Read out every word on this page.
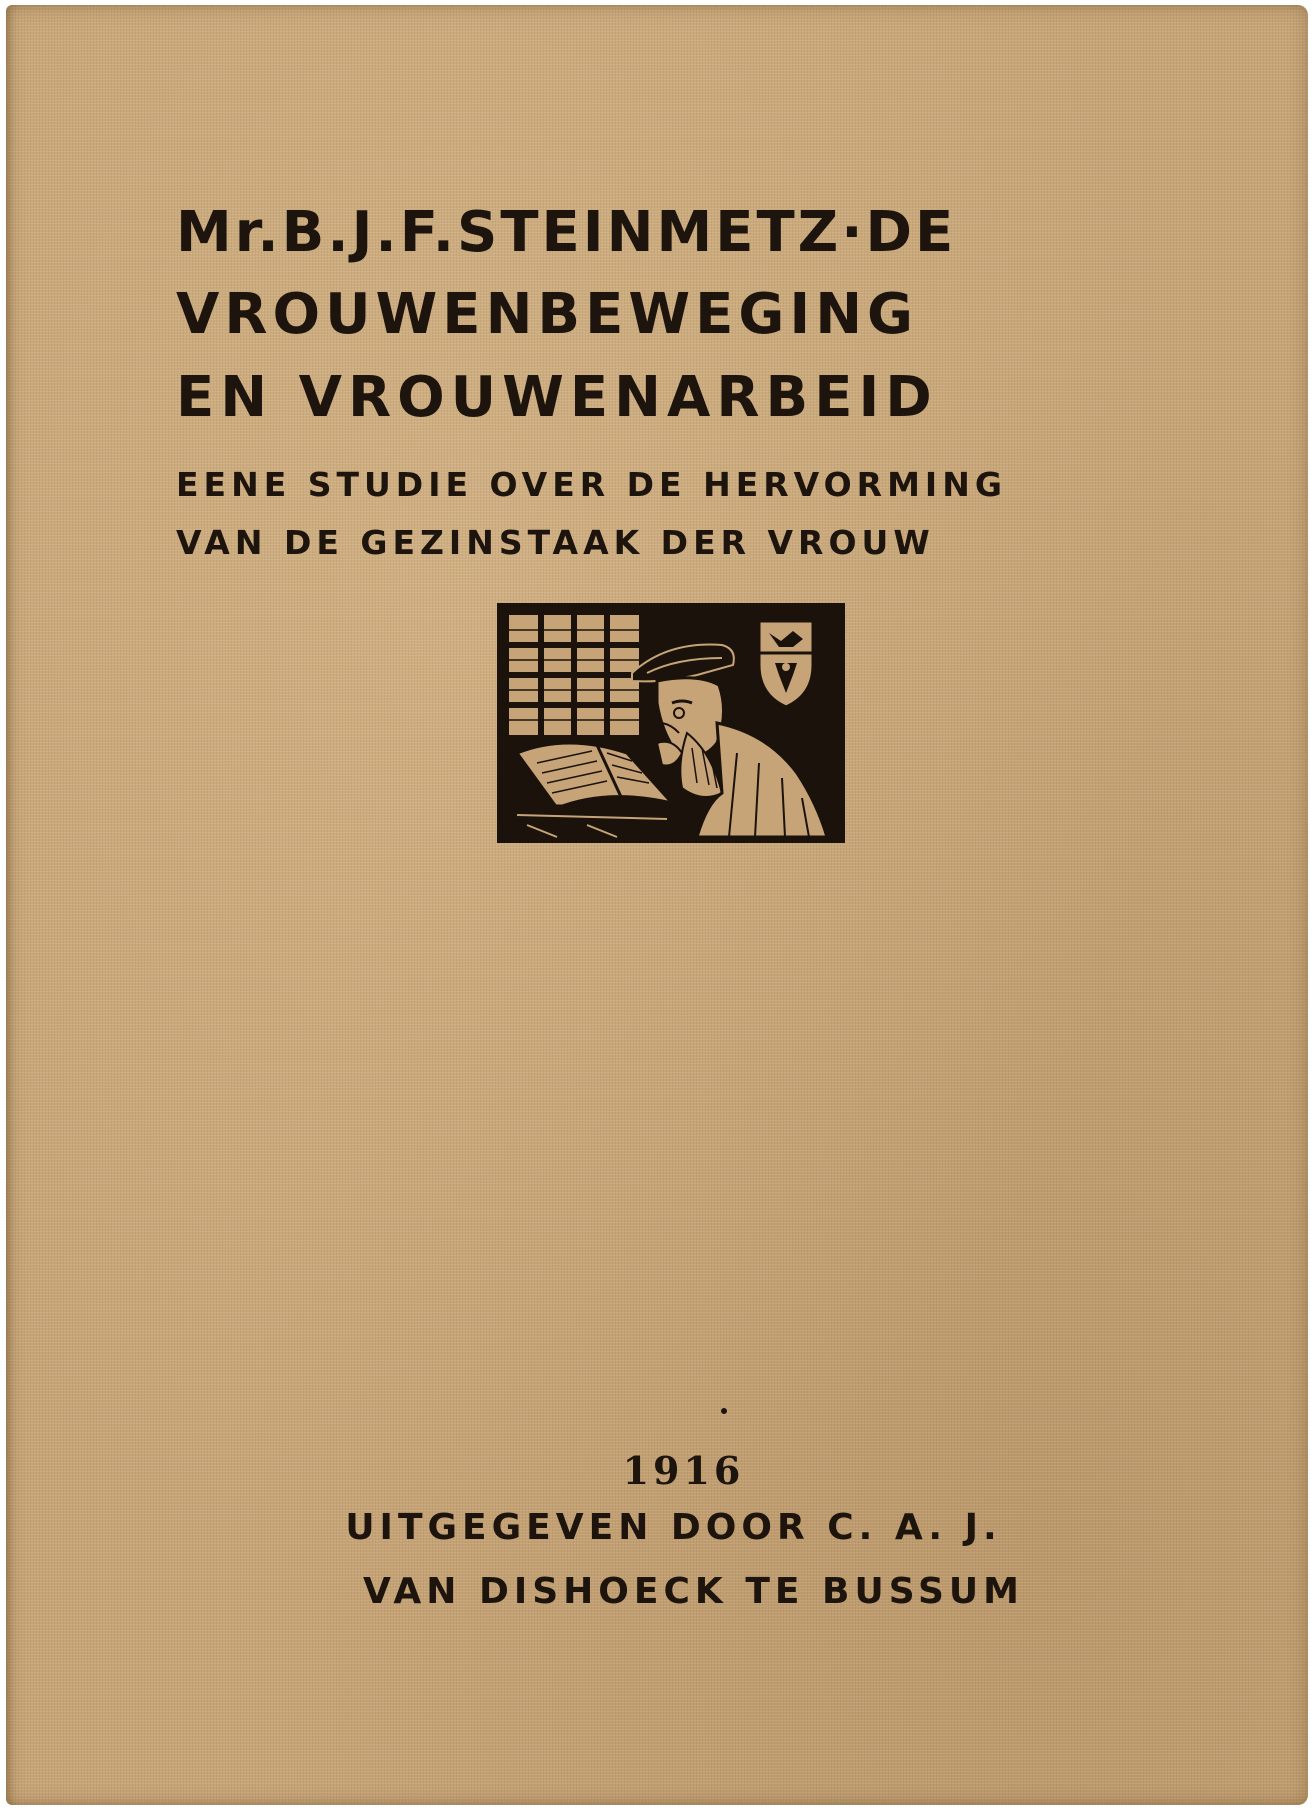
Mr.B.J.F.STEINMETZ·DE
VROUWENBEWEGING
EN VROUWENARBEID
EENE STUDIE OVER DE HERVORMING
VAN DE GEZINSTAAK DER VROUW
1916
UITGEGEVEN DOOR C. A. J.
VAN DISHOECK TE BUSSUM
